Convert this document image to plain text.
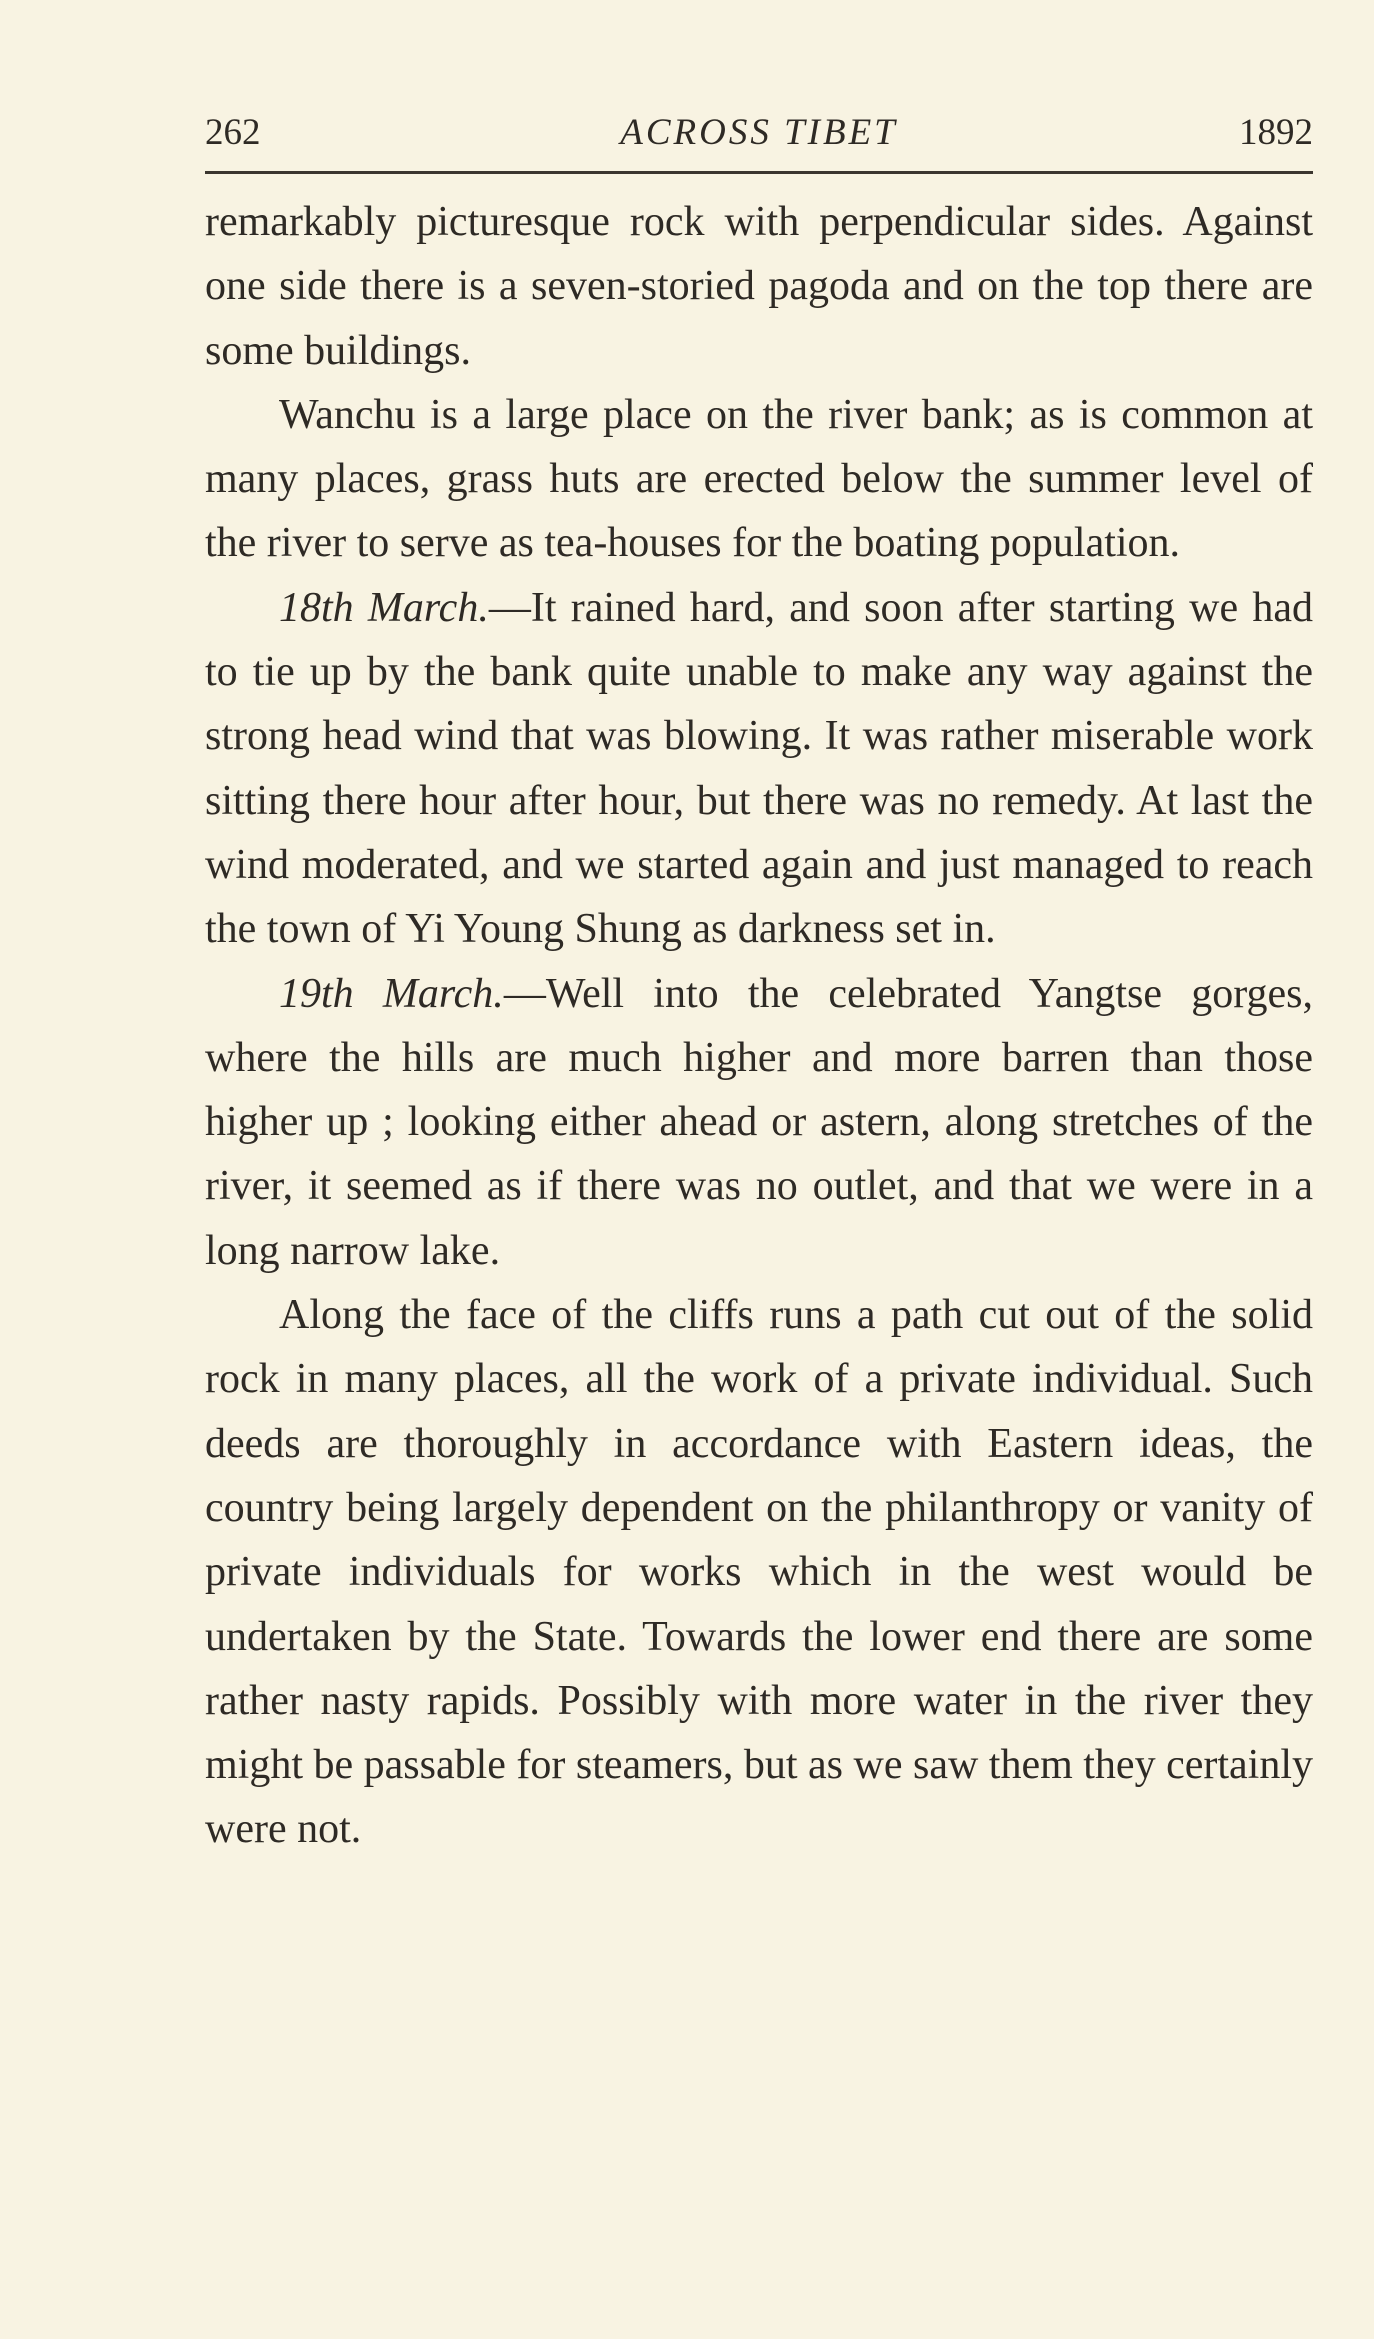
262	ACROSS TIBET	1892

remarkably picturesque rock with perpendicular sides. Against one side there is a seven-storied pagoda and on the top there are some buildings.

Wanchu is a large place on the river bank; as is common at many places, grass huts are erected below the summer level of the river to serve as tea-houses for the boating population.

18th March.—It rained hard, and soon after starting we had to tie up by the bank quite unable to make any way against the strong head wind that was blowing. It was rather miserable work sitting there hour after hour, but there was no remedy. At last the wind moderated, and we started again and just managed to reach the town of Yi Young Shung as darkness set in.

19th March.—Well into the celebrated Yangtse gorges, where the hills are much higher and more barren than those higher up ; looking either ahead or astern, along stretches of the river, it seemed as if there was no outlet, and that we were in a long narrow lake.

Along the face of the cliffs runs a path cut out of the solid rock in many places, all the work of a private individual. Such deeds are thoroughly in accordance with Eastern ideas, the country being largely dependent on the philanthropy or vanity of private individuals for works which in the west would be undertaken by the State. Towards the lower end there are some rather nasty rapids. Possibly with more water in the river they might be passable for steamers, but as we saw them they certainly were not.
